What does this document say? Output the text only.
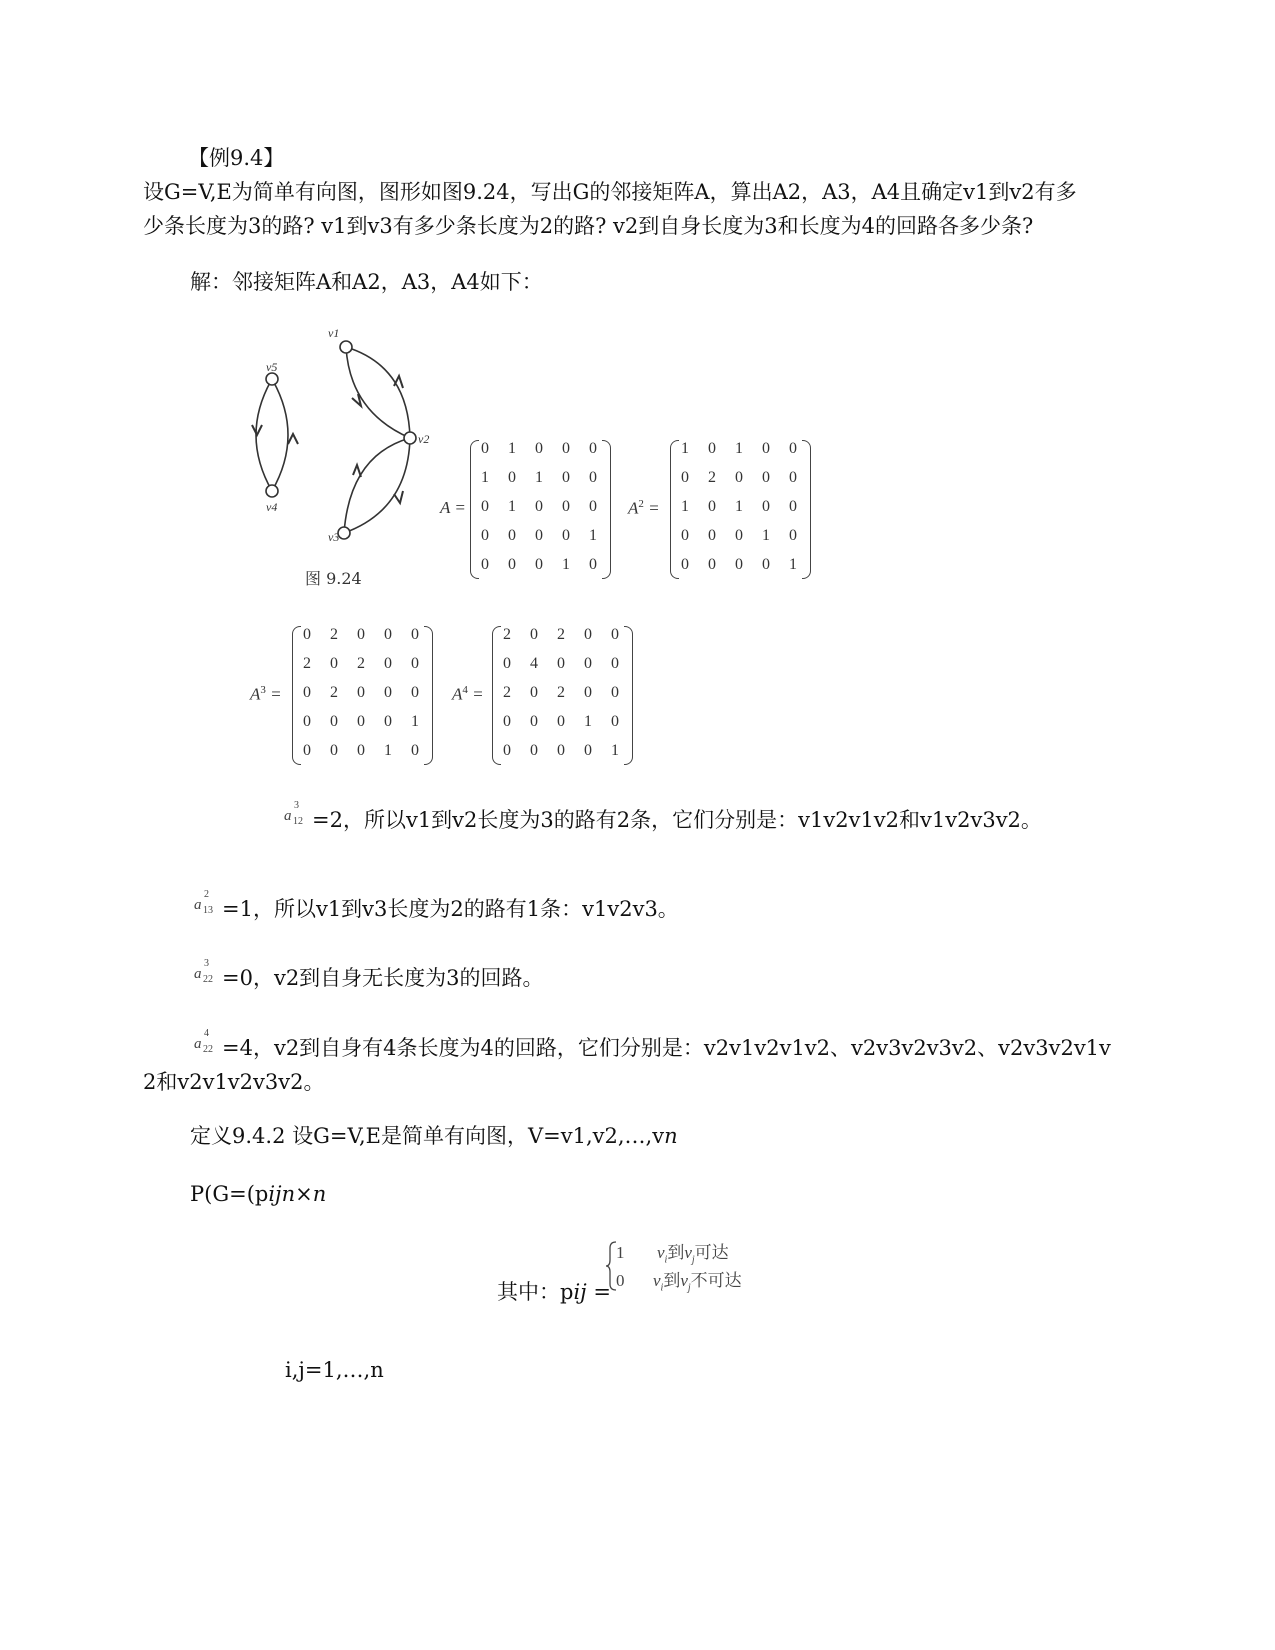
【例9.4】
设G=V,E为简单有向图，图形如图9.24，写出G的邻接矩阵A，算出A2，A3，A4且确定v1到v2有多
少条长度为3的路? v1到v3有多少条长度为2的路? v2到自身长度为3和长度为4的回路各多少条?
解：邻接矩阵A和A2，A3，A4如下：
v5
v4
v1
v2
v3
图 9.24
A =
0	1	0	0	0
1	0	1	0	0
0	1	0	0	0
0	0	0	0	1
0	0	0	1	0
$A^2$ =
1	0	1	0	0
0	2	0	0	0
1	0	1	0	0
0	0	0	1	0
0	0	0	0	1
$A^3$ =
0	2	0	0	0
2	0	2	0	0
0	2	0	0	0
0	0	0	0	1
0	0	0	1	0
$A^4$ =
2	0	2	0	0
0	4	0	0	0
2	0	2	0	0
0	0	0	1	0
0	0	0	0	1
a
3
12 =2，所以v1到v2长度为3的路有2条，它们分别是：v1v2v1v2和v1v2v3v2。
a
2
13 =1，所以v1到v3长度为2的路有1条：v1v2v3。
a
3
22 =0，v2到自身无长度为3的回路。
a
4
22 =4，v2到自身有4条长度为4的回路，它们分别是：v2v1v2v1v2、v2v3v2v3v2、v2v3v2v1v
2和v2v1v2v3v2。
定义9.4.2 设G=V,E是简单有向图，V=v1,v2,…,vn
P(G=(pijn×n
其中：pij =
1 $v_i$到$v_j$可达
0 $v_i$到$v_j$不可达
i,j=1,…,n
